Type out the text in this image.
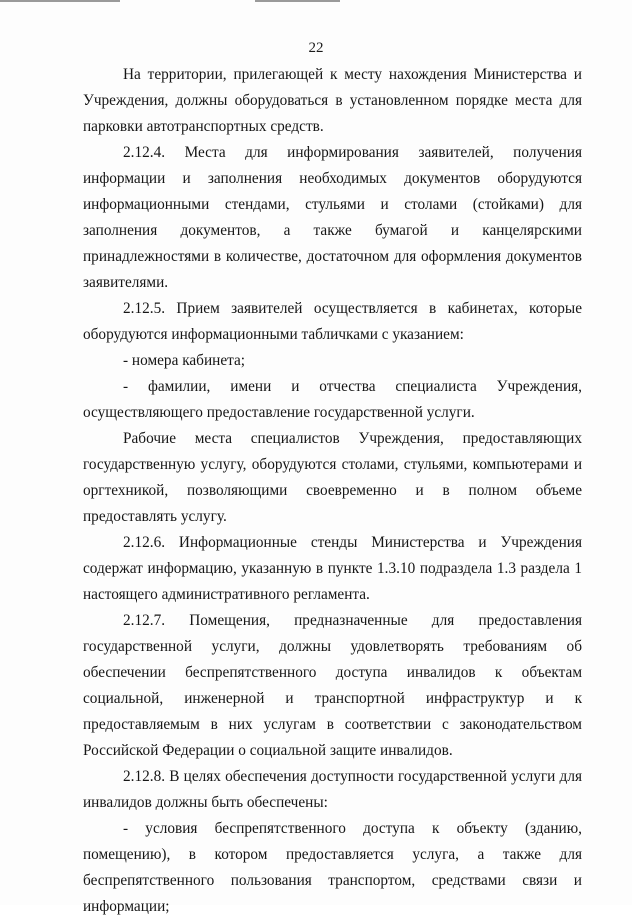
22

На территории, прилегающей к месту нахождения Министерства и Учреждения, должны оборудоваться в установленном порядке места для парковки автотранспортных средств.

2.12.4. Места для информирования заявителей, получения информации и заполнения необходимых документов оборудуются информационными стендами, стульями и столами (стойками) для заполнения документов, а также бумагой и канцелярскими принадлежностями в количестве, достаточном для оформления документов заявителями.

2.12.5. Прием заявителей осуществляется в кабинетах, которые оборудуются информационными табличками с указанием:

- номера кабинета;

- фамилии, имени и отчества специалиста Учреждения, осуществляющего предоставление государственной услуги.

Рабочие места специалистов Учреждения, предоставляющих государственную услугу, оборудуются столами, стульями, компьютерами и оргтехникой, позволяющими своевременно и в полном объеме предоставлять услугу.

2.12.6. Информационные стенды Министерства и Учреждения содержат информацию, указанную в пункте 1.3.10 подраздела 1.3 раздела 1 настоящего административного регламента.

2.12.7. Помещения, предназначенные для предоставления государственной услуги, должны удовлетворять требованиям об обеспечении беспрепятственного доступа инвалидов к объектам социальной, инженерной и транспортной инфраструктур и к предоставляемым в них услугам в соответствии с законодательством Российской Федерации о социальной защите инвалидов.

2.12.8. В целях обеспечения доступности государственной услуги для инвалидов должны быть обеспечены:

- условия беспрепятственного доступа к объекту (зданию, помещению), в котором предоставляется услуга, а также для беспрепятственного пользования транспортом, средствами связи и информации;
